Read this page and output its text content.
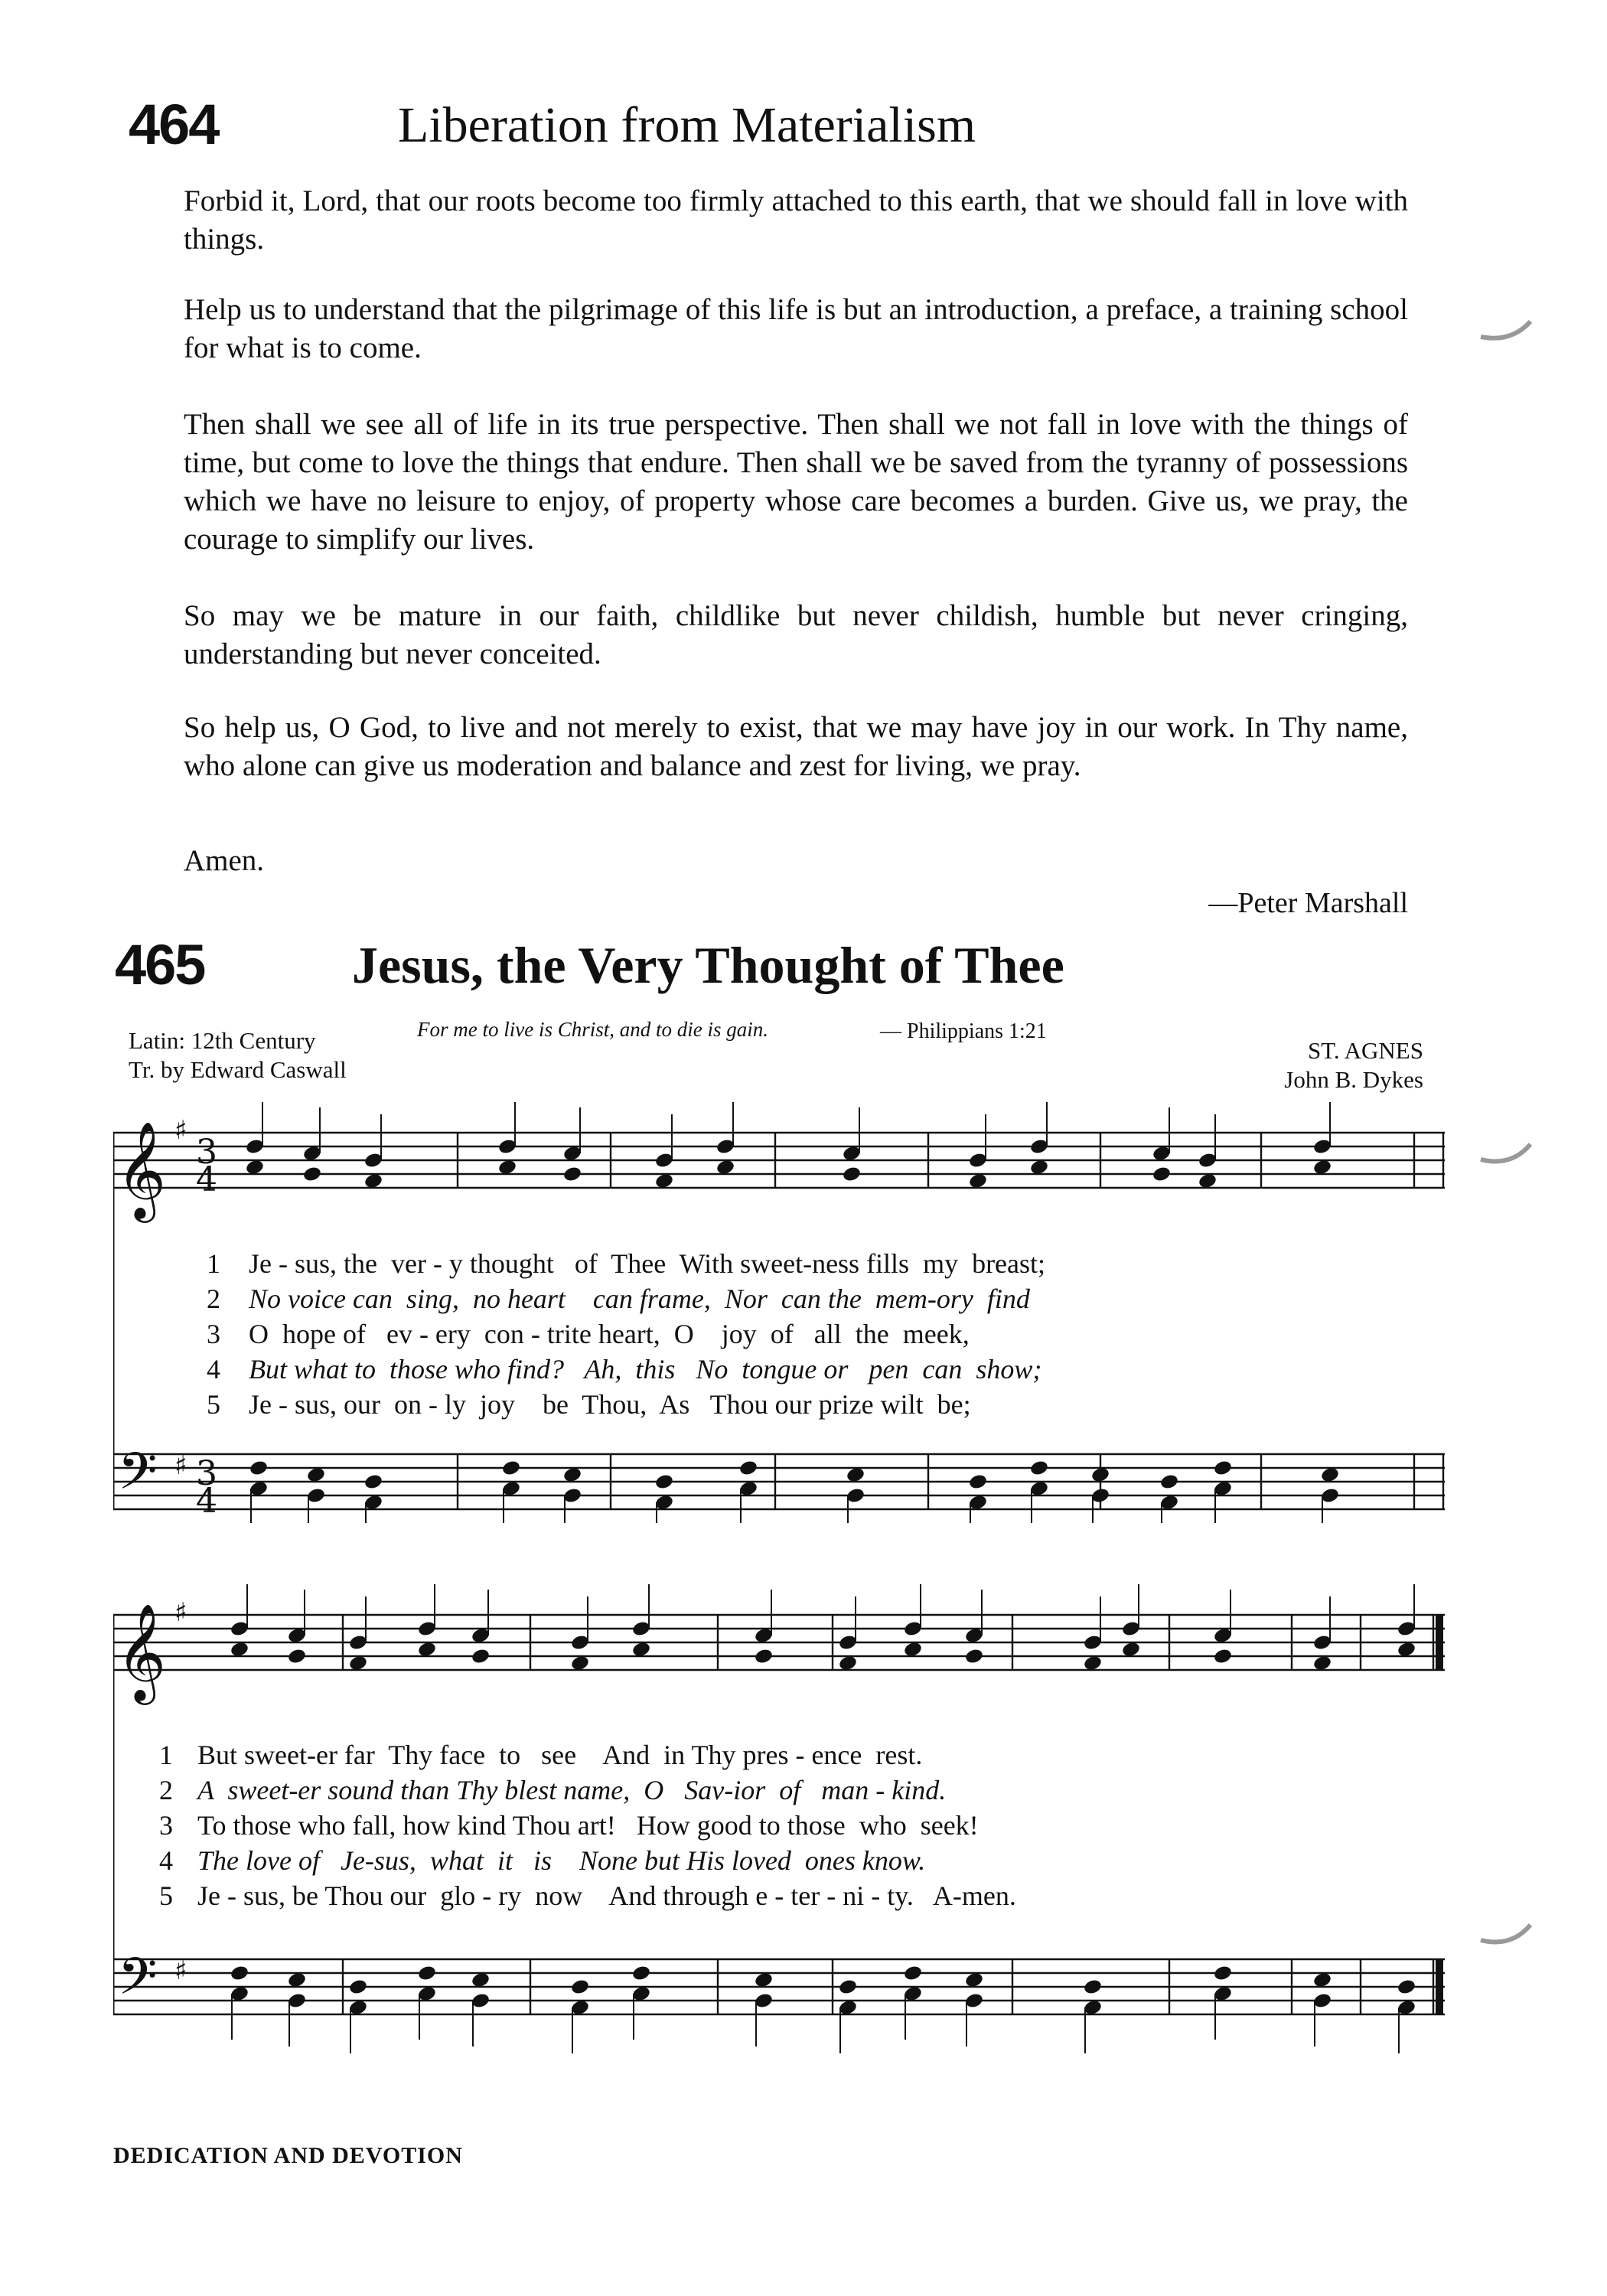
464	Liberation from Materialism
Forbid it, Lord, that our roots become too firmly attached to this earth, that we should fall in love with things.
Help us to understand that the pilgrimage of this life is but an introduction, a preface, a training school for what is to come.
Then shall we see all of life in its true perspective. Then shall we not fall in love with the things of time, but come to love the things that endure. Then shall we be saved from the tyranny of possessions which we have no leisure to enjoy, of property whose care becomes a burden. Give us, we pray, the courage to simplify our lives.
So may we be mature in our faith, childlike but never childish, humble but never cringing, understanding but never conceited.
So help us, O God, to live and not merely to exist, that we may have joy in our work. In Thy name, who alone can give us moderation and balance and zest for living, we pray.
Amen.
—Peter Marshall
465	Jesus, the Very Thought of Thee
Latin: 12th Century
Tr. by Edward Caswall
For me to live is Christ, and to die is gain.	— Philippians 1:21
ST. AGNES
John B. Dykes
𝄞
𝄢
♯
♯
3
4
3
4
1
2
3
4
5
Je - sus, the  ver - y thought   of  Thee  With sweet-ness fills  my  breast;
No voice can  sing,  no heart    can frame,  Nor  can the  mem-ory  find
O  hope of   ev - ery  con - trite heart,  O    joy  of   all  the  meek,
But what to  those who find?   Ah,  this   No  tongue or   pen  can  show;
Je - sus, our  on - ly  joy    be  Thou,  As   Thou our prize wilt  be;
𝄞
𝄢
♯
♯
1
2
3
4
5
But sweet-er far  Thy face  to   see    And  in Thy pres - ence  rest.
A  sweet-er sound than Thy blest name,  O   Sav-ior  of   man - kind.
To those who fall, how kind Thou art!   How good to those  who  seek!
The love of   Je-sus,  what  it   is    None but His loved  ones know.
Je - sus, be Thou our  glo - ry  now    And through e - ter - ni - ty.   A-men.
DEDICATION AND DEVOTION
